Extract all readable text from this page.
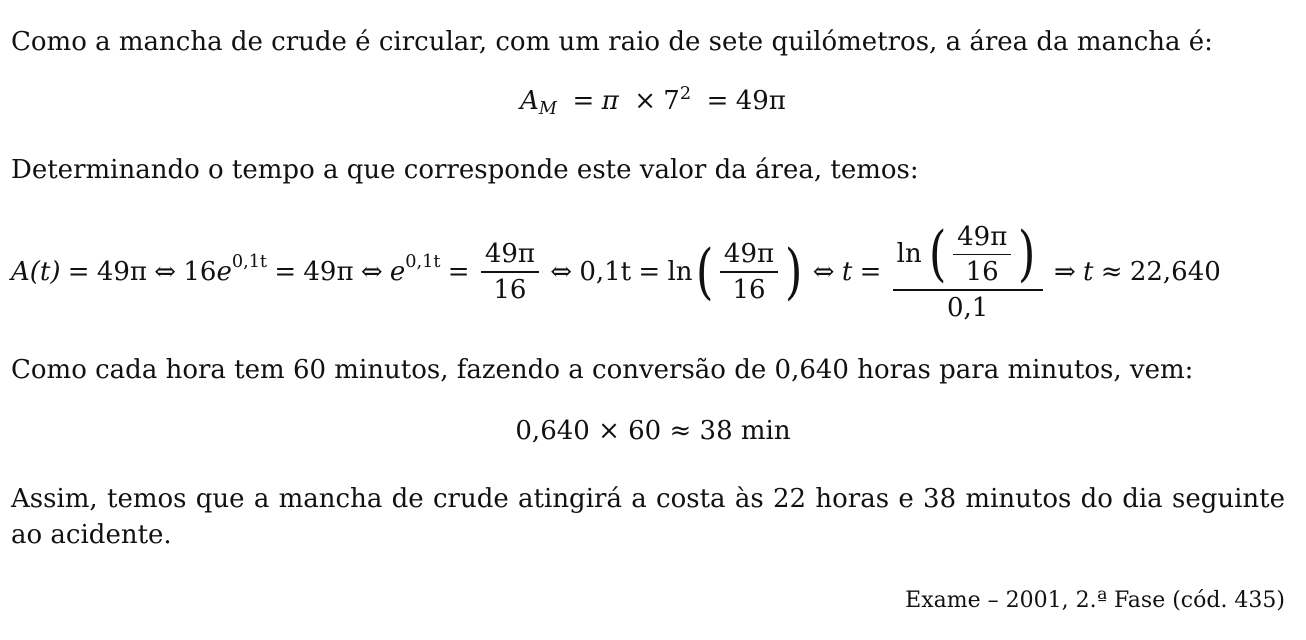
Como a mancha de crude é circular, com um raio de sete quilómetros, a área da mancha é:

$A_M = \pi \times 7^2 = 49\pi$

Determinando o tempo a que corresponde este valor da área, temos:

A(t) = 49π ⇔ 16 e $^{0,1t}$ = 49π ⇔ e $^{0,1t} = \frac{49\pi}{16}$ ⇔ 0,1t = ln ( $\frac{49\pi}{16}$ ) ⇔ t =
ln ( $\frac{49\pi}{16}$ )
0,1
⇒ t ≈ 22,640

Como cada hora tem 60 minutos, fazendo a conversão de 0,640 horas para minutos, vem:

0,640 × 60 ≈ 38 min

Assim, temos que a mancha de crude atingirá a costa às 22 horas e 38 minutos do dia seguinte ao acidente.

Exame – 2001, 2.ª Fase (cód. 435)
